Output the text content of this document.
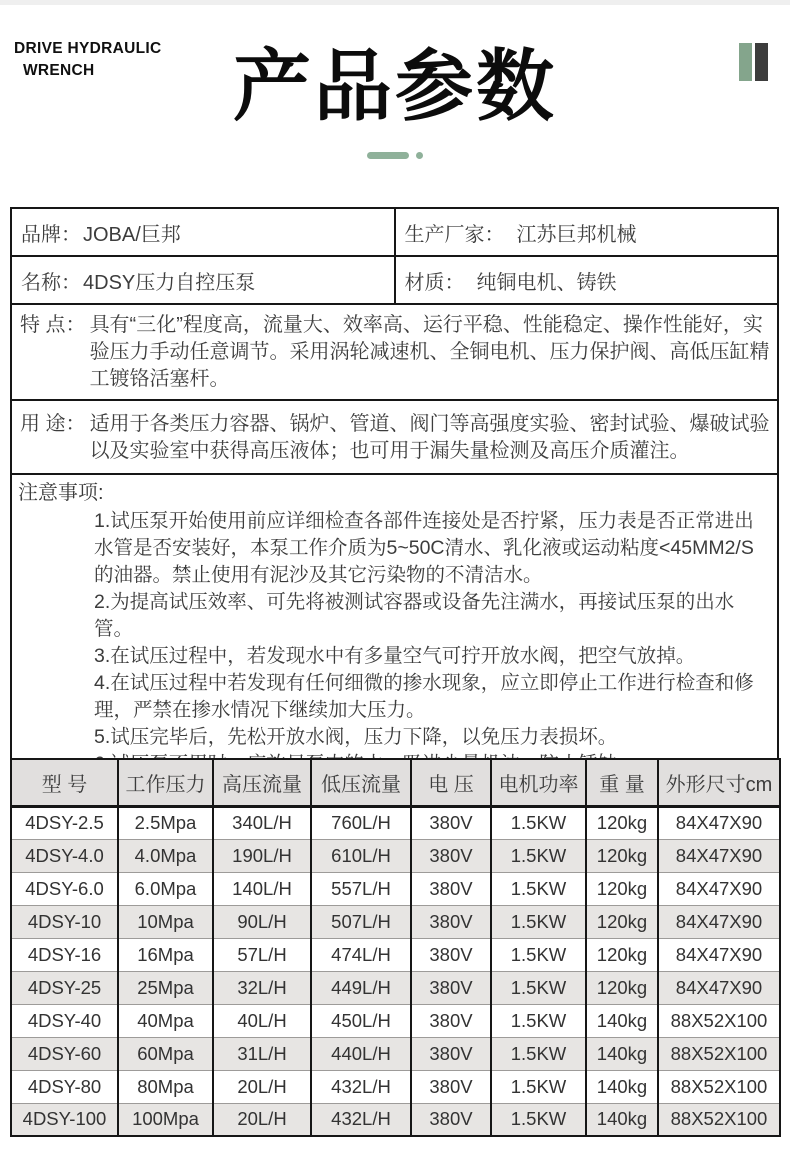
DRIVE HYDRAULIC
WRENCH	产品参数
品牌： JOBA/巨邦	生产厂家： 江苏巨邦机械
名称： 4DSY压力自控压泵	材质： 纯铜电机、铸铁

特 点： 具有“三化”程度高，流量大、效率高、运行平稳、性能稳定、操作性能好，实验压力手动任意调节。采用涡轮减速机、全铜电机、压力保护阀、高低压缸精工镀铬活塞杆。	

用 途： 适用于各类压力容器、锅炉、管道、阀门等高强度实验、密封试验、爆破试验以及实验室中获得高压液体；也可用于漏失量检测及高压介质灌注。	

注意事项:
1.试压泵开始使用前应详细检查各部件连接处是否拧紧，压力表是否正常进出水管是否安装好，本泵工作介质为5~50C清水、乳化液或运动粘度<45MM2/S的油器。禁止使用有泥沙及其它污染物的不清洁水。
2.为提高试压效率、可先将被测试容器或设备先注满水，再接试压泵的出水管。
3.在试压过程中，若发现水中有多量空气可拧开放水阀，把空气放掉。
4.在试压过程中若发现有任何细微的掺水现象，应立即停止工作进行检查和修理，严禁在掺水情况下继续加大压力。
5.试压完毕后，先松开放水阀，压力下降，以免压力表损坏。
型 号	工作压力	高压流量	低压流量	电 压	电机功率	重 量	外形尺寸cm
4DSY-2.5	2.5Mpa	340L/H	760L/H	380V	1.5KW	120kg	84X47X90
4DSY-4.0	4.0Mpa	190L/H	610L/H	380V	1.5KW	120kg	84X47X90
4DSY-6.0	6.0Mpa	140L/H	557L/H	380V	1.5KW	120kg	84X47X90
4DSY-10	10Mpa	90L/H	507L/H	380V	1.5KW	120kg	84X47X90
4DSY-16	16Mpa	57L/H	474L/H	380V	1.5KW	120kg	84X47X90
4DSY-25	25Mpa	32L/H	449L/H	380V	1.5KW	120kg	84X47X90
4DSY-40	40Mpa	40L/H	450L/H	380V	1.5KW	140kg	88X52X100
4DSY-60	60Mpa	31L/H	440L/H	380V	1.5KW	140kg	88X52X100
4DSY-80	80Mpa	20L/H	432L/H	380V	1.5KW	140kg	88X52X100
4DSY-100	100Mpa	20L/H	432L/H	380V	1.5KW	140kg	88X52X100
